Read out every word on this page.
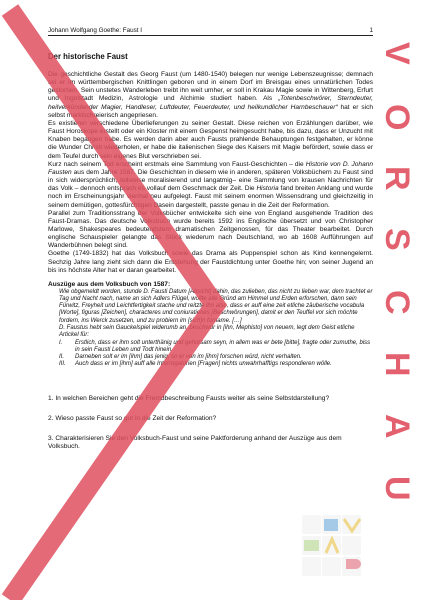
Johann Wolfgang Goethe: Faust I	1
Der historische Faust

Die geschichtliche Gestalt des Georg Faust (um 1480-1540) belegen nur wenige Lebenszeugnisse; demnach sei er im württembergischen Knittlingen geboren und in einem Dorf im Breisgau eines unnatürlichen Todes gestorben. Sein unstetes Wanderleben treibt ihn weit umher, er soll in Krakau Magie sowie in Wittenberg, Erfurt und Ingolstadt Medizin, Astrologie und Alchimie studiert haben. Als „Totenbeschwörer, Sterndeuter, heilverkündender Magier, Handleser, Luftdeuter, Feuerdeuter, und heilkundlicher Harnbeschauer“ hat er sich selbst marktschreierisch angepriesen.

Es existieren verschiedene Überlieferungen zu seiner Gestalt. Diese reichen von Erzählungen darüber, wie Faust Horoskope erstellt oder ein Kloster mit einem Gespenst heimgesucht habe, bis dazu, dass er Unzucht mit Knaben begangen habe. Es werden darin aber auch Fausts prahlende Behauptungen festgehalten, er könne die Wunder Christi wiederholen, er habe die italienischen Siege des Kaisers mit Magie befördert, sowie dass er dem Teufel durch sein eigenes Blut verschrieben sei.

Kurz nach seinem Tod erscheint erstmals eine Sammlung von Faust-Geschichten – die Historie von D. Johann Fausten aus dem Jahre 1587. Die Geschichten in diesem wie in anderen, späteren Volksbüchern zu Faust sind in sich widersprüchlich, teilweise moralisierend und langatmig– eine Sammlung von krausen Nachrichten für das Volk – dennoch entsprach es vollauf dem Geschmack der Zeit. Die Historia fand breiten Anklang und wurde noch im Erscheinungsjahr viermal neu aufgelegt. Faust mit seinem enormen Wissensdrang und gleichzeitig in seinem demütigen, gottesfürchtigen Dasein dargestellt, passte genau in die Zeit der Reformation.

Parallel zum Traditionsstrang der Volksbücher entwickelte sich eine von England ausgehende Tradition des Faust-Dramas. Das deutsche Volksbuch wurde bereits 1592 ins Englische übersetzt und von Christopher Marlowe, Shakespeares bedeutendstem dramatischen Zeitgenossen, für das Theater bearbeitet. Durch englische Schauspieler gelangte das Stück wiederum nach Deutschland, wo ab 1608 Aufführungen auf Wanderbühnen belegt sind.

Goethe (1749-1832) hat das Volksbuch sowie das Drama als Puppenspiel schon als Kind kennengelernt. Sechzig Jahre lang zieht sich dann die Entstehung der Faustdichtung unter Goethe hin; von seiner Jugend an bis ins höchste Alter hat er daran gearbeitet.

Auszüge aus dem Volksbuch von 1587:

Wie obgemeldt worden, stunde D. Fausti Datum [Absicht] dahin, das zulieben, das nicht zu lieben war, dem trachtet er Tag und Nacht nach, name an sich Adlers Flügel, wollte alle Gründ am Himmel und Erden erforschen, dann sein Fürwitz, Freyheit und Leichtfertigkeit stache und reitzte ihn also, dass er auff eine zeit etliche zäuberische vocabula [Worte], figuras [Zeichen], characteres und coniurationes [Beschwörungen], damit er den Teuffel vor sich möchte fordern, ins Werck zusetzen, und zu probiern im [sich]n fürname. […]

D. Faustus hebt sein Gauckelspiel widerumb an, beschwur in [ihn, Mephisto] von neuem, legt dem Geist etliche Artickel für:

I.	Erstlich, dass er ihm solt unterthänig und gehorsam seyn, in allem was er bete [bitte], fragte oder zumuthe, biss in sein Fausti Leben und Todt hinein.
II.	Darneben solt er im [ihm] das jenig, so er von im [ihm] forschen würd, nicht verhalten.
III.	Auch dass er im [ihm] auff alle Interrogatorien [Fragen] nichts unwahrhafftigs respondieren wölle.
1. In welchen Bereichen geht die Fremdbeschreibung Fausts weiter als seine Selbstdarstellung?
2. Wieso passte Faust so gut in die Zeit der Reformation?
3. Charakterisieren Sie den Volksbuch-Faust und seine Paktforderung anhand der Auszüge aus dem Volksbuch.
V
O
R
S
C
H
A
U
